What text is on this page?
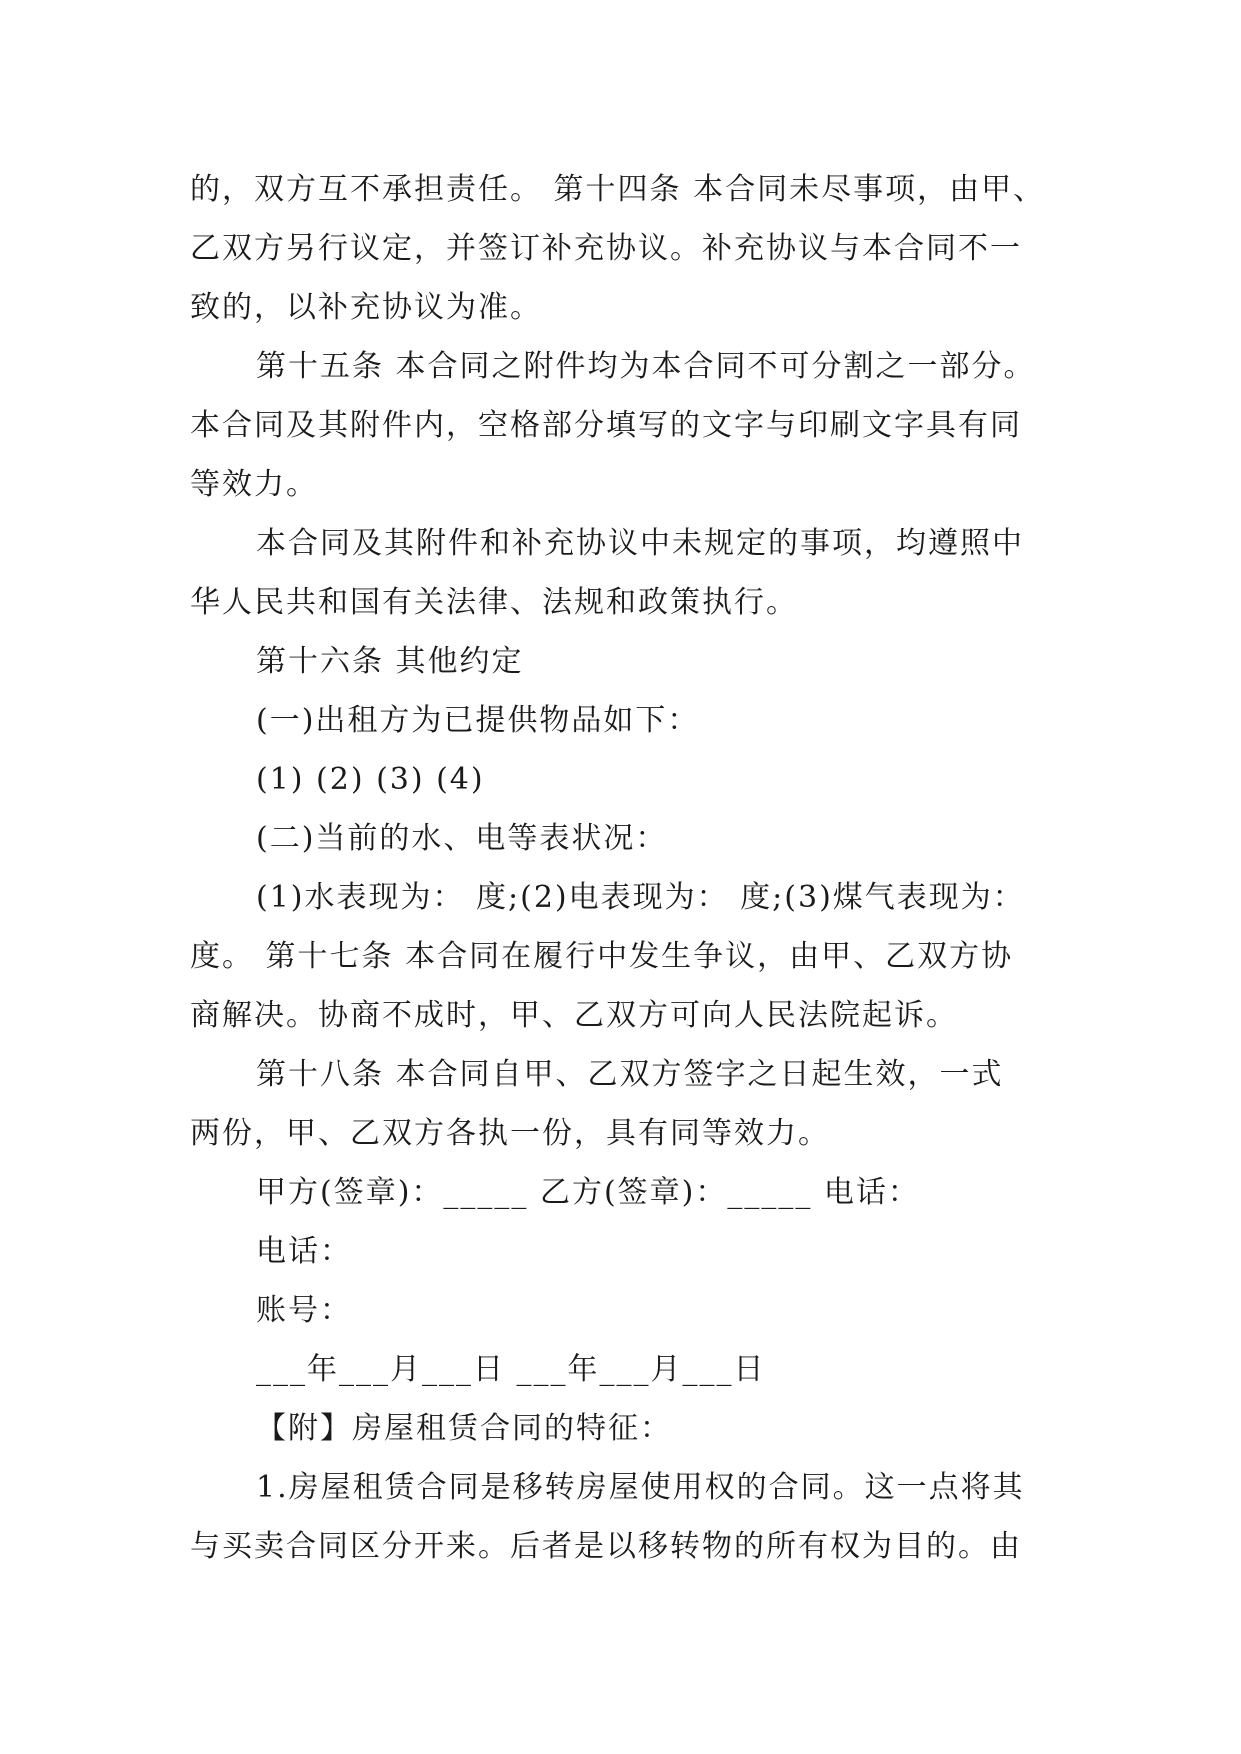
的，双方互不承担责任。 第十四条 本合同未尽事项，由甲、
乙双方另行议定，并签订补充协议。补充协议与本合同不一
致的，以补充协议为准。
第十五条 本合同之附件均为本合同不可分割之一部分。
本合同及其附件内，空格部分填写的文字与印刷文字具有同
等效力。
本合同及其附件和补充协议中未规定的事项，均遵照中
华人民共和国有关法律、法规和政策执行。
第十六条 其他约定
(一)出租方为已提供物品如下：
(1) (2) (3) (4)
(二)当前的水、电等表状况：
(1)水表现为： 度;(2)电表现为： 度;(3)煤气表现为：
度。 第十七条 本合同在履行中发生争议，由甲、乙双方协
商解决。协商不成时，甲、乙双方可向人民法院起诉。
第十八条 本合同自甲、乙双方签字之日起生效，一式
两份，甲、乙双方各执一份，具有同等效力。
甲方(签章)：_____ 乙方(签章)：_____ 电话：
电话：
账号：
___年___月___日 ___年___月___日
【附】房屋租赁合同的特征：
1.房屋租赁合同是移转房屋使用权的合同。这一点将其
与买卖合同区分开来。后者是以移转物的所有权为目的。由
